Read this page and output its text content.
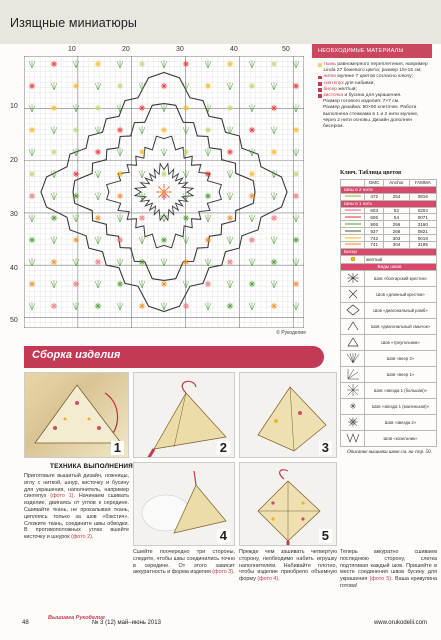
Изящные миниатюры
10	20	30	40	50
10
20
30
40
50
© Рукоделие
НЕОБХОДИМЫЕ МАТЕРИАЛЫ
ткань равномерного переплетения, например Linda 27 бежевого цвета; размер 15×15 см;
нитки мулине 7 цветов согласно ключу;
синтепух для набивки;
бисер желтый;
кисточка и бусина для украшения.
Размер готового изделия: 7×7 см.
Размер дизайна: 50×50 клеточек. Работа выполнена стежками в 1 и 2 нити мулине, через 2 нити основы. Дизайн дополнен бисером.
Ключ. Таблица цветов
	DMC	Anchor	ГАММА
Швы в 2 нити			
	472	254	0816
Швы в 1 нить			
	603	52	0204
	606	54	0071
	906	256	3160
	937	268	0821
	742	303	0019
	741	304	3195
Бисер			
	желтый		
Виды швов			
	Шов «болгарский крестик»		
	Шов «длинный крестик»		
	Шов «диагональный ромб»		
	Шов «диагональный смычок»		
	Шов «треугольник»		
	Шов «веер 2»		
	Шов «веер 1»		
	Шов «звезда 1 (большая)»		
	Шов «звезда 1 (маленькая)»		
	Шов «звезда 2»		
	Шов «козельчик»		
Описание вышивки швов см. на стр. 50.
Сборка изделия
1	2	3
4	5
ТЕХНИКА ВЫПОЛНЕНИЯ
Приготовьте вышитый дизайн, ножницы, иглу с ниткой, шнур, кисточку и бусину для украшения, наполнитель, например синтепух (фото 1). Начинаем сшивать изделие, двигаясь от углов к середине. Сшивайте ткань, не прокалывая ткань, цепляясь только за шов «бэкстич». Сложите ткань, соедините швы обводки. В противоположных углах вшейте кисточку и шнурок (фото 2).
Сшейте поочередно три стороны, следите, чтобы швы соединились точно в середине. От этого зависит аккуратность и форма изделия (фото 3).
Прежде чем зашивать четвертую сторону, необходимо набить игрушку наполнителем. Набивайте плотно, чтобы изделие приобрело объемную форму (фото 4).
Теперь аккуратно сшиваем последнюю сторону, слегка подтягивая каждый шов. Пришейте в месте соединения швов бусину для украшения (фото 5). Ваша кривулина готова!
48
Вышивка Рукоделие
№ 3 (12) май–июнь 2013	www.orukodelii.com
